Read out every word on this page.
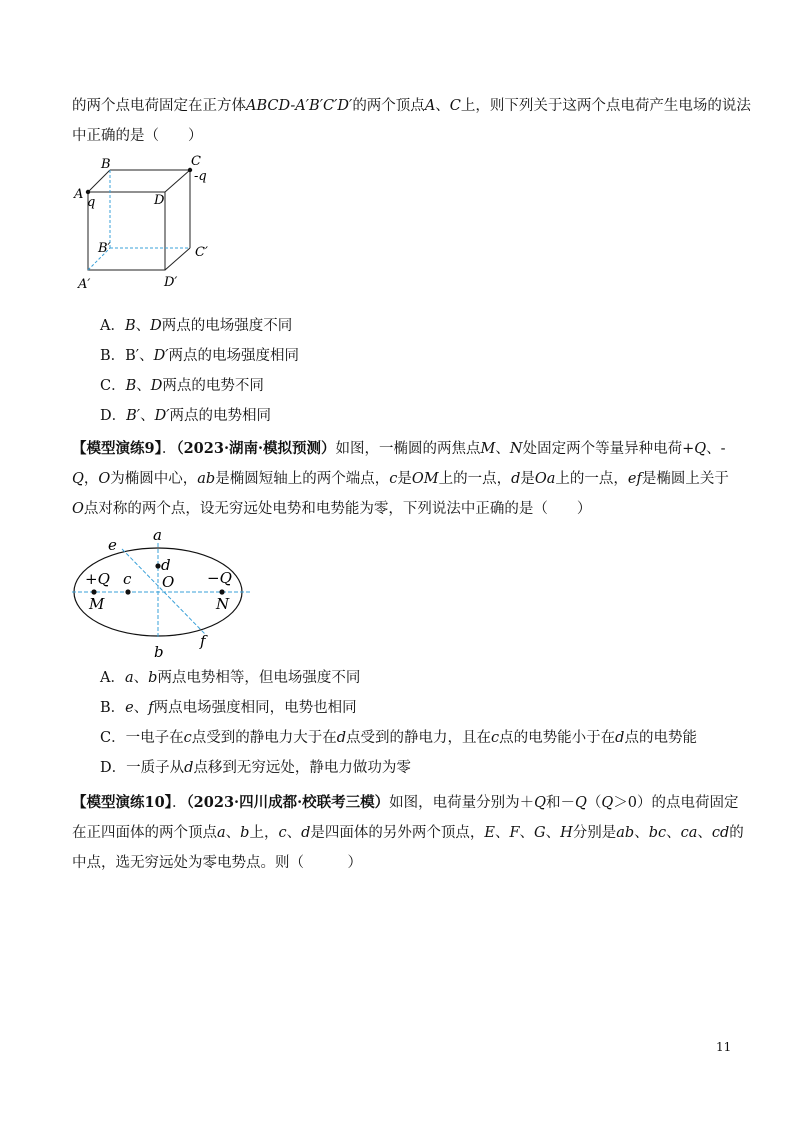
的两个点电荷固定在正方体ABCD-A′B′C′D′的两个顶点A、C上，则下列关于这两个点电荷产生电场的说法
中正确的是（　　）
B	C
-q
A
q	D
B′	C′
A′	D′
A．B、D两点的电场强度不同
B．B′、D′两点的电场强度相同
C．B、D两点的电势不同
D．B′、D′两点的电势相同
【模型演练9】．（2023·湖南·模拟预测）如图，一椭圆的两焦点M、N处固定两个等量异种电荷+Q、-
Q，O为椭圆中心，ab是椭圆短轴上的两个端点，c是OM上的一点，d是Oa上的一点，ef是椭圆上关于
O点对称的两个点，设无穷远处电势和电势能为零，下列说法中正确的是（　　）
a
e
d
+Q c O −Q
M	N
f
b
A．a、b两点电势相等，但电场强度不同
B．e、f两点电场强度相同，电势也相同
C．一电子在c点受到的静电力大于在d点受到的静电力，且在c点的电势能小于在d点的电势能
D．一质子从d点移到无穷远处，静电力做功为零
【模型演练10】．（2023·四川成都·校联考三模）如图，电荷量分别为＋Q和－Q（Q＞0）的点电荷固定
在正四面体的两个顶点a、b上，c、d是四面体的另外两个顶点，E、F、G、H分别是ab、bc、ca、cd的
中点，选无穷远处为零电势点。则（　　　）
11
